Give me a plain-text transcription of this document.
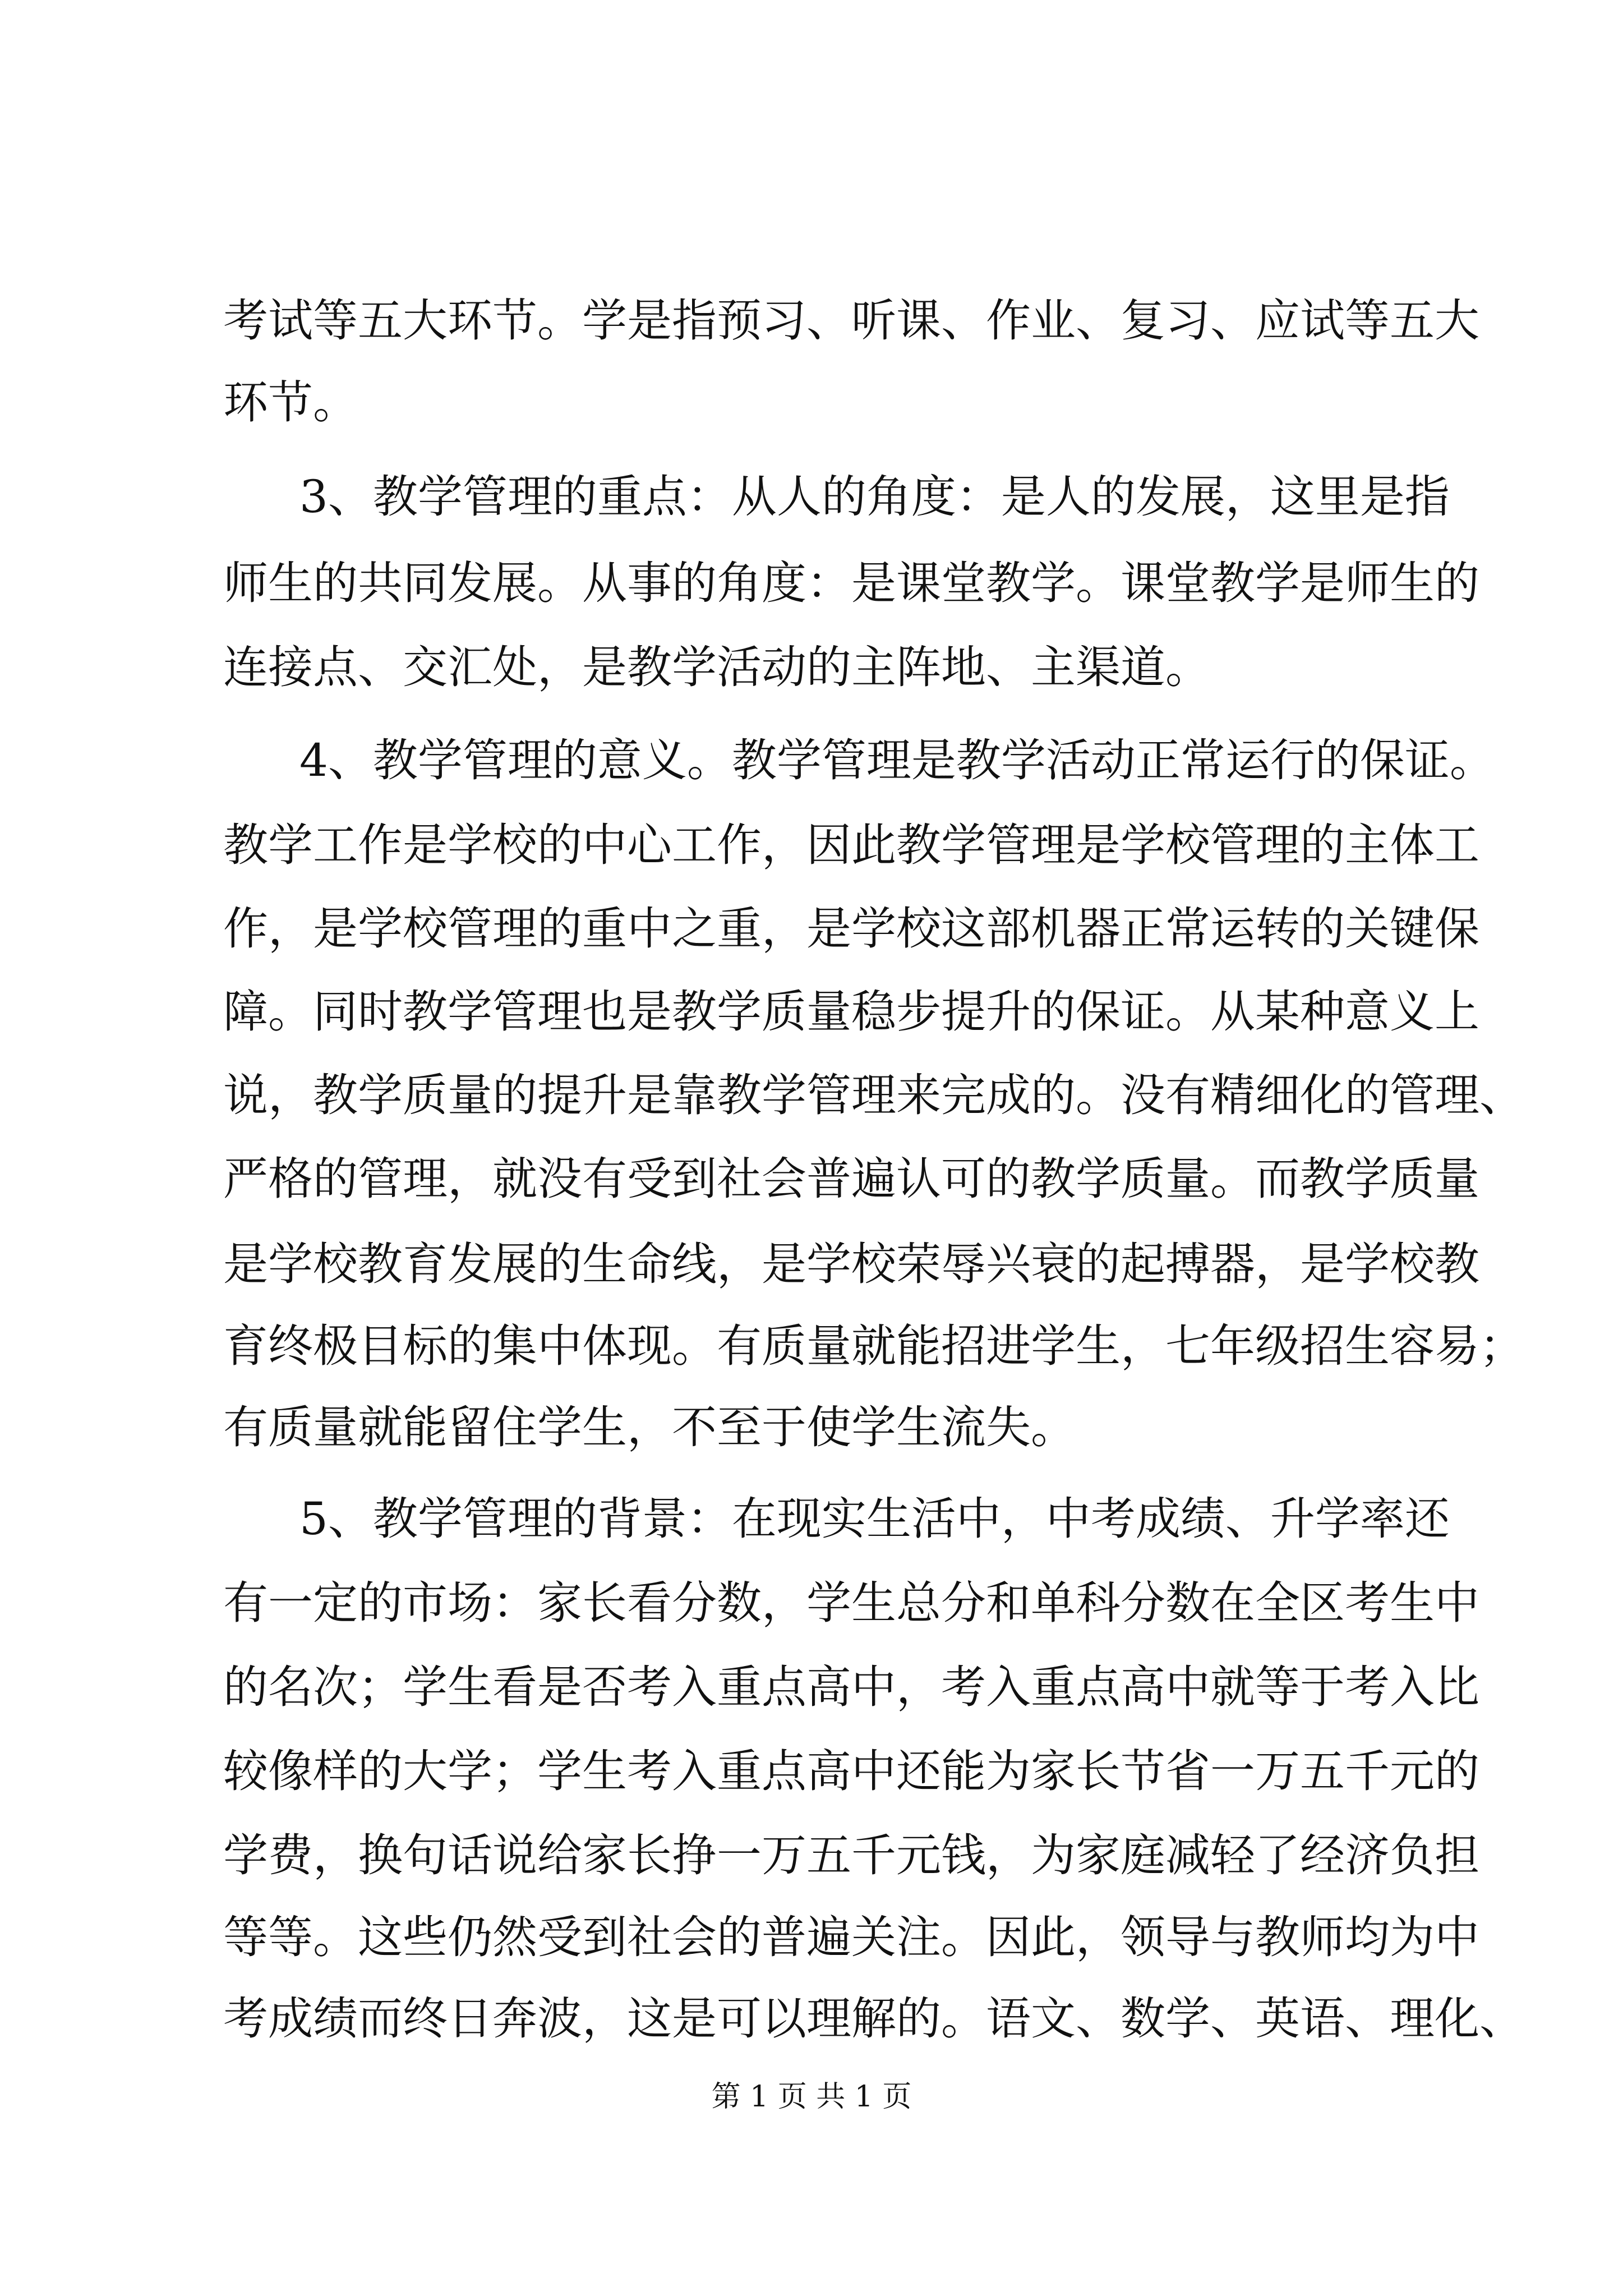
考试等五大环节。学是指预习、听课、作业、复习、应试等五大
环节。
3、教学管理的重点：从人的角度：是人的发展，这里是指
师生的共同发展。从事的角度：是课堂教学。课堂教学是师生的
连接点、交汇处，是教学活动的主阵地、主渠道。
4、教学管理的意义。教学管理是教学活动正常运行的保证。
教学工作是学校的中心工作，因此教学管理是学校管理的主体工
作，是学校管理的重中之重，是学校这部机器正常运转的关键保
障。同时教学管理也是教学质量稳步提升的保证。从某种意义上
说，教学质量的提升是靠教学管理来完成的。没有精细化的管理、
严格的管理，就没有受到社会普遍认可的教学质量。而教学质量
是学校教育发展的生命线，是学校荣辱兴衰的起搏器，是学校教
育终极目标的集中体现。有质量就能招进学生，七年级招生容易；
有质量就能留住学生，不至于使学生流失。
5、教学管理的背景：在现实生活中，中考成绩、升学率还
有一定的市场：家长看分数，学生总分和单科分数在全区考生中
的名次；学生看是否考入重点高中，考入重点高中就等于考入比
较像样的大学；学生考入重点高中还能为家长节省一万五千元的
学费，换句话说给家长挣一万五千元钱，为家庭减轻了经济负担
等等。这些仍然受到社会的普遍关注。因此，领导与教师均为中
考成绩而终日奔波，这是可以理解的。语文、数学、英语、理化、
第 1 页 共 1 页
